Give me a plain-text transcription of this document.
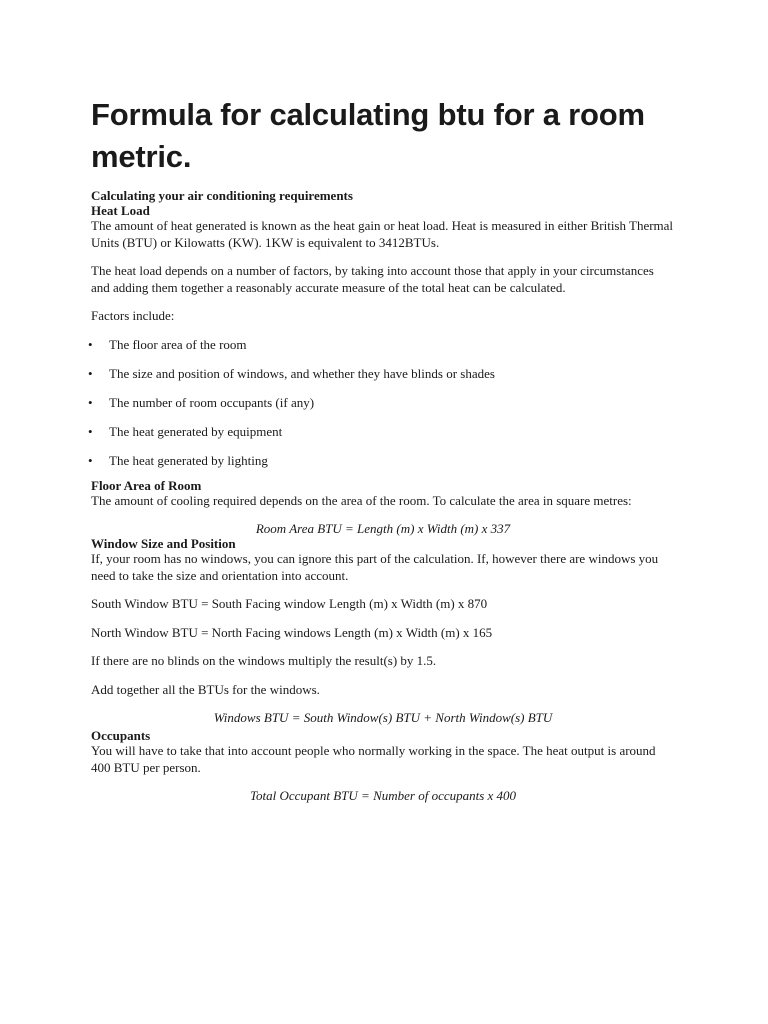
Formula for calculating btu for a room metric.
Calculating your air conditioning requirements
Heat Load

The amount of heat generated is known as the heat gain or heat load. Heat is measured in either British Thermal Units (BTU) or Kilowatts (KW). 1KW is equivalent to 3412BTUs.

The heat load depends on a number of factors, by taking into account those that apply in your circumstances and adding them together a reasonably accurate measure of the total heat can be calculated.

Factors include:

• The floor area of the room
• The size and position of windows, and whether they have blinds or shades
• The number of room occupants (if any)
• The heat generated by equipment
• The heat generated by lighting
Floor Area of Room

The amount of cooling required depends on the area of the room. To calculate the area in square metres:

Room Area BTU = Length (m) x Width (m) x 337
Window Size and Position

If, your room has no windows, you can ignore this part of the calculation. If, however there are windows you need to take the size and orientation into account.

South Window BTU = South Facing window Length (m) x Width (m) x 870

North Window BTU = North Facing windows Length (m) x Width (m) x 165

If there are no blinds on the windows multiply the result(s) by 1.5.

Add together all the BTUs for the windows.

Windows BTU = South Window(s) BTU + North Window(s) BTU
Occupants

You will have to take that into account people who normally working in the space. The heat output is around 400 BTU per person.

Total Occupant BTU = Number of occupants x 400
